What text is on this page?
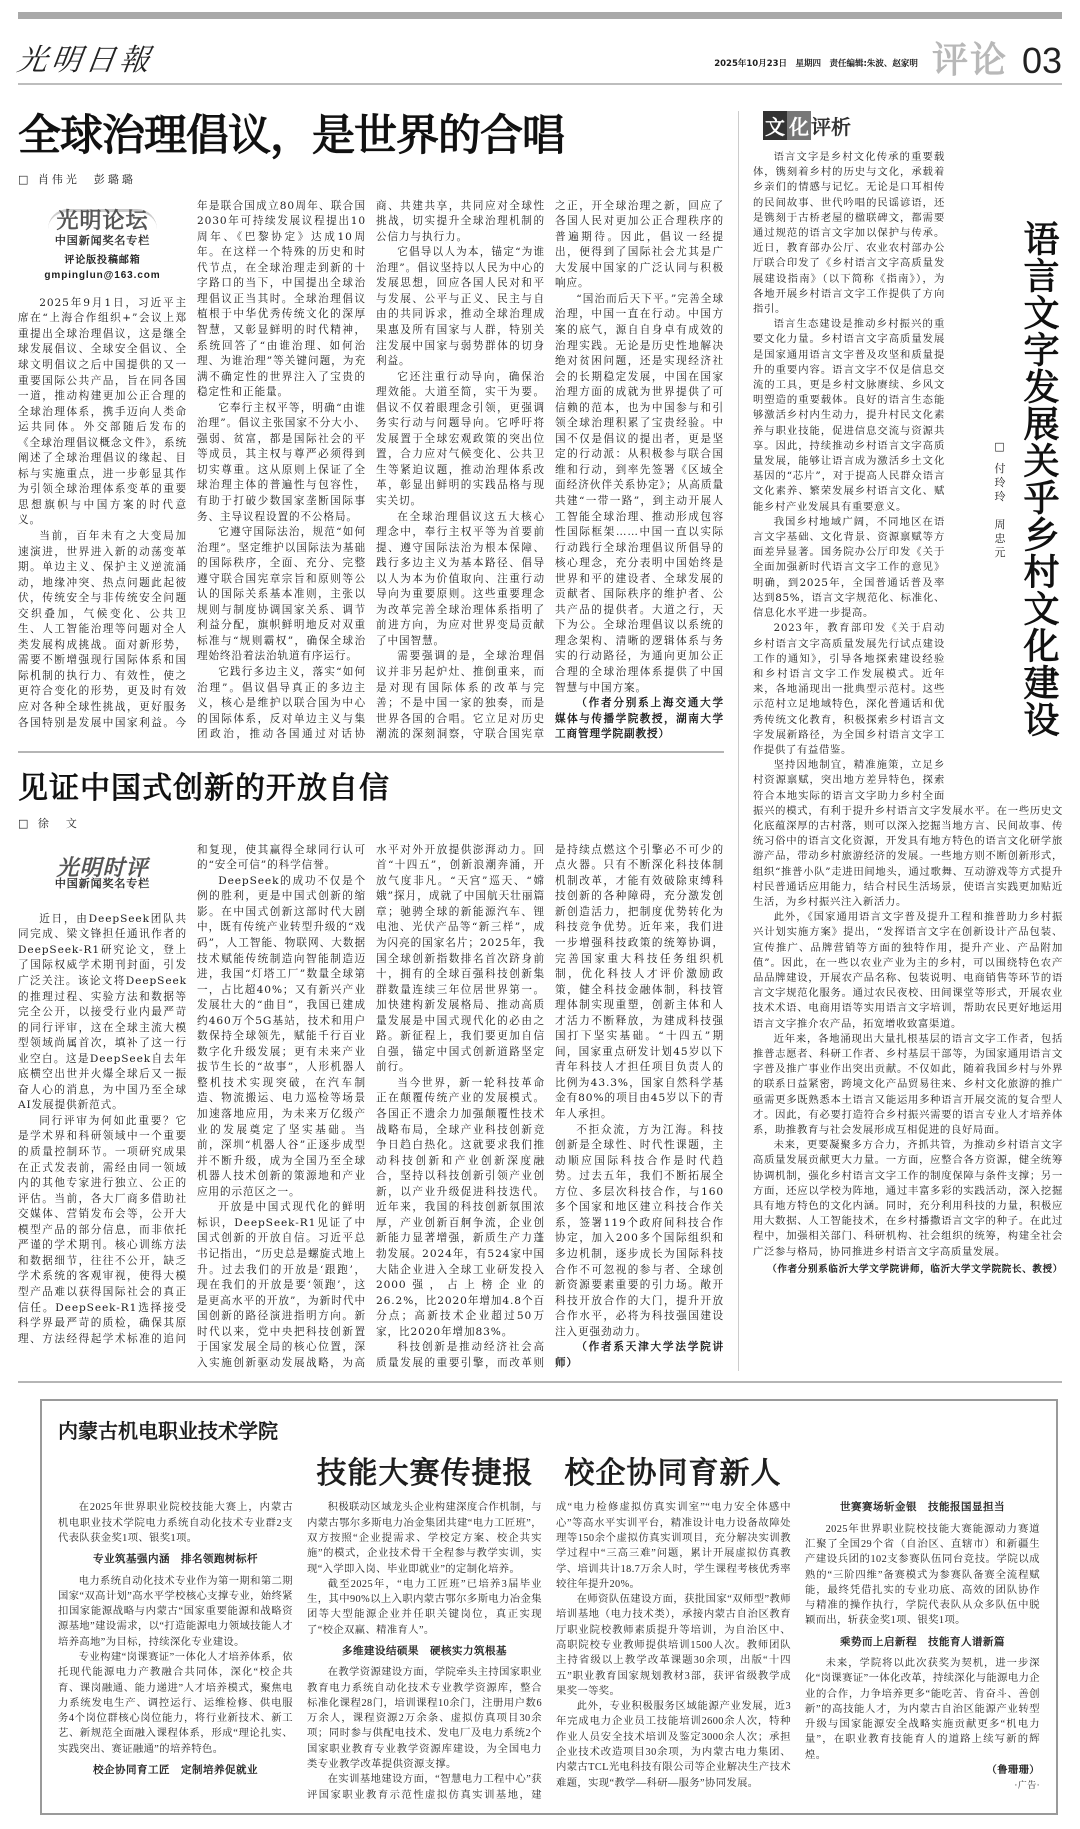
光明日報	2025年10月23日　星期四　责任编辑:朱波、赵家明 评论 03
全球治理倡议，是世界的合唱
□ 肖伟光　彭璐璐
光明论坛
中国新闻奖名专栏
评论版投稿邮箱
gmpinglun@163.com

2025年9月1日，习近平主席在“上海合作组织+”会议上郑重提出全球治理倡议，这是继全球发展倡议、全球安全倡议、全球文明倡议之后中国提供的又一重要国际公共产品，旨在同各国一道，推动构建更加公正合理的全球治理体系，携手迈向人类命运共同体。外交部随后发布的《全球治理倡议概念文件》，系统阐述了全球治理倡议的缘起、目标与实施重点，进一步彰显其作为引领全球治理体系变革的重要思想旗帜与中国方案的时代意义。

当前，百年未有之大变局加速演进，世界进入新的动荡变革期。单边主义、保护主义逆流涌动，地缘冲突、热点问题此起彼伏，传统安全与非传统安全问题交织叠加，气候变化、公共卫生、人工智能治理等问题对全人类发展构成挑战。面对新形势，需要不断增强现行国际体系和国际机制的执行力、有效性，使之更符合变化的形势，更及时有效应对各种全球性挑战，更好服务各国特别是发展中国家利益。今年是联合国成立80周年、联合国2030年可持续发展议程提出10周年、《巴黎协定》达成10周年。在这样一个特殊的历史和时代节点，在全球治理走到新的十字路口的当下，中国提出全球治理倡议正当其时。全球治理倡议植根于中华优秀传统文化的深厚智慧，又彰显鲜明的时代精神，系统回答了“由谁治理、如何治理、为谁治理”等关键问题，为充满不确定性的世界注入了宝贵的稳定性和正能量。

它奉行主权平等，明确“由谁治理”。倡议主张国家不分大小、强弱、贫富，都是国际社会的平等成员，其主权与尊严必须得到切实尊重。这从原则上保证了全球治理主体的普遍性与包容性，有助于打破少数国家垄断国际事务、主导议程设置的不公格局。

它遵守国际法治，规范“如何治理”。坚定维护以国际法为基础的国际秩序，全面、充分、完整遵守联合国宪章宗旨和原则等公认的国际关系基本准则，主张以规则与制度协调国家关系、调节利益分配，旗帜鲜明地反对双重标准与“规则霸权”，确保全球治理始终沿着法治轨道有序运行。

它践行多边主义，落实“如何治理”。倡议倡导真正的多边主义，核心是维护以联合国为中心的国际体系，反对单边主义与集团政治，推动各国通过对话协商、共建共享，共同应对全球性挑战，切实提升全球治理机制的公信力与执行力。

它倡导以人为本，锚定“为谁治理”。倡议坚持以人民为中心的发展思想，回应各国人民对和平与发展、公平与正义、民主与自由的共同诉求，推动全球治理成果惠及所有国家与人群，特别关注发展中国家与弱势群体的切身利益。

它还注重行动导向，确保治理效能。大道至简，实干为要。倡议不仅着眼理念引领，更强调务实行动与问题导向。它呼吁将发展置于全球宏观政策的突出位置，合力应对气候变化、公共卫生等紧迫议题，推动治理体系改革，彰显出鲜明的实践品格与现实关切。

在全球治理倡议这五大核心理念中，奉行主权平等为首要前提、遵守国际法治为根本保障、践行多边主义为基本路径、倡导以人为本为价值取向、注重行动导向为重要原则。这些重要理念为改革完善全球治理体系指明了前进方向，为应对世界变局贡献了中国智慧。

需要强调的是，全球治理倡议并非另起炉灶、推倒重来，而是对现有国际体系的改革与完善；不是中国一家的独奏，而是世界各国的合唱。它立足对历史潮流的深刻洞察，守联合国宪章之正，开全球治理之新，回应了各国人民对更加公正合理秩序的普遍期待。因此，倡议一经提出，便得到了国际社会尤其是广大发展中国家的广泛认同与积极响应。

“国治而后天下平。”完善全球治理，中国一直在行动。中国方案的底气，源自自身卓有成效的治理实践。无论是历史性地解决绝对贫困问题，还是实现经济社会的长期稳定发展，中国在国家治理方面的成就为世界提供了可信赖的范本，也为中国参与和引领全球治理积累了宝贵经验。中国不仅是倡议的提出者，更是坚定的行动派：从积极参与联合国维和行动，到率先签署《区域全面经济伙伴关系协定》；从高质量共建“一带一路”，到主动开展人工智能全球治理、推动形成包容性国际框架……中国一直以实际行动践行全球治理倡议所倡导的核心理念，充分表明中国始终是世界和平的建设者、全球发展的贡献者、国际秩序的维护者、公共产品的提供者。大道之行，天下为公。全球治理倡议以系统的理念架构、清晰的逻辑体系与务实的行动路径，为通向更加公正合理的全球治理体系提供了中国智慧与中国方案。

（作者分别系上海交通大学媒体与传播学院教授，湖南大学工商管理学院副教授）

见证中国式创新的开放自信
□ 徐　文
光明时评
中国新闻奖名专栏

近日，由DeepSeek团队共同完成、梁文锋担任通讯作者的DeepSeek-R1研究论文，登上了国际权威学术期刊封面，引发广泛关注。该论文将DeepSeek的推理过程、实验方法和数据等完全公开，以接受行业内最严苛的同行评审，这在全球主流大模型领域尚属首次，填补了这一行业空白。这是DeepSeek自去年底横空出世并火爆全球后又一振奋人心的消息，为中国乃至全球AI发展提供新范式。

同行评审为何如此重要？它是学术界和科研领域中一个重要的质量控制环节。一项研究成果在正式发表前，需经由同一领域内的其他专家进行独立、公正的评估。当前，各大厂商多借助社交媒体、营销发布会等，公开大模型产品的部分信息，而非依托严谨的学术期刊。核心训练方法和数据细节，往往不公开，缺乏学术系统的客观审视，使得大模型产品难以获得国际社会的真正信任。DeepSeek-R1选择接受科学界最严苛的质检，确保其原理、方法经得起学术标准的追问和复现，使其赢得全球同行认可的“安全可信”的科学信誉。

DeepSeek的成功不仅是个例的胜利，更是中国式创新的缩影。在中国式创新这部时代大剧中，既有传统产业转型升级的“戏码”，人工智能、物联网、大数据技术赋能传统制造向智能制造迈进，我国“灯塔工厂”数量全球第一，占比超40%；又有新兴产业发展壮大的“曲目”，我国已建成约460万个5G基站，技术和用户数保持全球领先，赋能千行百业数字化升级发展；更有未来产业拔节生长的“故事”，人形机器人整机技术实现突破，在汽车制造、物流搬运、电力巡检等场景加速落地应用，为未来万亿级产业的发展奠定了坚实基础。当前，深圳“机器人谷”正逐步成型并不断升级，成为全国乃至全球机器人技术创新的策源地和产业应用的示范区之一。

开放是中国式现代化的鲜明标识，DeepSeek-R1见证了中国式创新的开放自信。习近平总书记指出，“历史总是螺旋式地上升。过去我们的开放是‘跟跑’，现在我们的开放是要‘领跑’，这是更高水平的开放”，为新时代中国创新的路径演进指明方向。新时代以来，党中央把科技创新置于国家发展全局的核心位置，深入实施创新驱动发展战略，为高水平对外开放提供澎湃动力。回首“十四五”，创新浪潮奔涌，开放气度非凡。“天宫”巡天、“嫦娥”探月，成就了中国航天壮丽篇章；驰骋全球的新能源汽车、锂电池、光伏产品等“新三样”，成为闪亮的国家名片；2025年，我国全球创新指数排名首次跻身前十，拥有的全球百强科技创新集群数量连续三年位居世界第一。加快建构新发展格局、推动高质量发展是中国式现代化的必由之路。新征程上，我们要更加自信自强，锚定中国式创新道路坚定前行。

当今世界，新一轮科技革命正在颠覆传统产业的发展模式。各国正不遗余力加强颠覆性技术战略布局，全球产业科技创新竞争日趋白热化。这就要求我们推动科技创新和产业创新深度融合，坚持以科技创新引领产业创新，以产业升级促进科技迭代。近年来，我国的科技创新氛围浓厚，产业创新百舸争流，企业创新能力显著增强，新质生产力蓬勃发展。2024年，有524家中国大陆企业进入全球工业研发投入2000强，占上榜企业的26.2%，比2020年增加4.8个百分点；高新技术企业超过50万家，比2020年增加83%。

科技创新是推动经济社会高质量发展的重要引擎，而改革则是持续点燃这个引擎必不可少的点火器。只有不断深化科技体制机制改革，才能有效破除束缚科技创新的各种障碍，充分激发创新创造活力，把制度优势转化为科技竞争优势。近年来，我们进一步增强科技政策的统筹协调，完善国家重大科技任务组织机制，优化科技人才评价激励政策，健全科技金融体制，科技管理体制实现重塑，创新主体和人才活力不断释放，为建成科技强国打下坚实基础。“十四五”期间，国家重点研发计划45岁以下青年科技人才担任项目负责人的比例为43.3%，国家自然科学基金有80%的项目由45岁以下的青年人承担。

不拒众流，方为江海。科技创新是全球性、时代性课题，主动顺应国际科技合作是时代趋势。过去五年，我们不断拓展全方位、多层次科技合作，与160多个国家和地区建立科技合作关系，签署119个政府间科技合作协定，加入200多个国际组织和多边机制，逐步成长为国际科技合作不可忽视的参与者、全球创新资源要素重要的引力场。敞开科技开放合作的大门，提升开放合作水平，必将为科技强国建设注入更强劲动力。

（作者系天津大学法学院讲师）

文 化 评析
语言文字发展关乎乡村文化建设
□ 付玲玲　周忠元

语言文字是乡村文化传承的重要载体，镌刻着乡村的历史与文化，承载着乡亲们的情感与记忆。无论是口耳相传的民间故事、世代吟唱的民谣谚语，还是镌刻于古桥老屋的楹联碑文，都需要通过规范的语言文字加以保护与传承。近日，教育部办公厅、农业农村部办公厅联合印发了《乡村语言文字高质量发展建设指南》（以下简称《指南》），为各地开展乡村语言文字工作提供了方向指引。

语言生态建设是推动乡村振兴的重要文化力量。乡村语言文字高质量发展是国家通用语言文字普及攻坚和质量提升的重要内容。语言文字不仅是信息交流的工具，更是乡村文脉赓续、乡风文明塑造的重要载体。良好的语言生态能够激活乡村内生动力，提升村民文化素养与职业技能，促进信息交流与资源共享。因此，持续推动乡村语言文字高质量发展，能够让语言成为激活乡土文化基因的“芯片”，对于提高人民群众语言文化素养、繁荣发展乡村语言文化、赋能乡村产业发展具有重要意义。

我国乡村地域广阔，不同地区在语言文字基础、文化背景、资源禀赋等方面差异显著。国务院办公厅印发《关于全面加强新时代语言文字工作的意见》明确，到2025年，全国普通话普及率达到85%，语言文字规范化、标准化、信息化水平进一步提高。

2023年，教育部印发《关于启动乡村语言文字高质量发展先行试点建设工作的通知》，引导各地探索建设经验和乡村语言文字工作发展模式。近年来，各地涌现出一批典型示范村。这些示范村立足地域特色，深化普通话和优秀传统文化教育，积极探索乡村语言文字发展新路径，为全国乡村语言文字工作提供了有益借鉴。

坚持因地制宜，精准施策，立足乡村资源禀赋，突出地方差异特色，探索符合本地实际的语言文字助力乡村全面振兴的模式，有利于提升乡村语言文字发展水平。在一些历史文化底蕴深厚的古村落，则可以深入挖掘当地方言、民间故事、传统习俗中的语言文化资源，开发具有地方特色的语言文化研学旅游产品，带动乡村旅游经济的发展。一些地方则不断创新形式，组织“推普小队”走进田间地头，通过歌舞、互动游戏等方式提升村民普通话应用能力，结合村民生活场景，使语言实践更加贴近生活，为乡村振兴注入新活力。

此外，《国家通用语言文字普及提升工程和推普助力乡村振兴计划实施方案》提出，“发挥语言文字在创新设计产品包装、宣传推广、品牌营销等方面的独特作用，提升产业、产品附加值”。因此，在一些以农业产业为主的乡村，可以围绕特色农产品品牌建设，开展农产品名称、包装说明、电商销售等环节的语言文字规范化服务。通过农民夜校、田间课堂等形式，开展农业技术术语、电商用语等实用语言文字培训，帮助农民更好地运用语言文字推介农产品，拓宽增收致富渠道。

近年来，各地涌现出大量扎根基层的语言文字工作者，包括推普志愿者、科研工作者、乡村基层干部等，为国家通用语言文字普及推广事业作出突出贡献。不仅如此，随着我国乡村与外界的联系日益紧密，跨境文化产品贸易往来、乡村文化旅游的推广亟需更多既熟悉本土语言又能运用多种语言开展交流的复合型人才。因此，有必要打造符合乡村振兴需要的语言专业人才培养体系，助推教育与社会发展形成互相促进的良好局面。

未来，更要凝聚多方合力，齐抓共管，为推动乡村语言文字高质量发展贡献更大力量。一方面，应整合各方资源，健全统筹协调机制，强化乡村语言文字工作的制度保障与条件支撑；另一方面，还应以学校为阵地，通过丰富多彩的实践活动，深入挖掘具有地方特色的文化内涵。同时，充分利用科技的力量，积极应用大数据、人工智能技术，在乡村播撒语言文字的种子。在此过程中，加强相关部门、科研机构、社会组织的统筹，构建全社会广泛参与格局，协同推进乡村语言文字高质量发展。

（作者分别系临沂大学文学院讲师，临沂大学文学院院长、教授）
内蒙古机电职业技术学院
技能大赛传捷报　校企协同育新人

在2025年世界职业院校技能大赛上，内蒙古机电职业技术学院电力系统自动化技术专业群2支代表队获金奖1项、银奖1项。

专业筑基强内涵　排名领跑树标杆

电力系统自动化技术专业作为第一期和第二期国家“双高计划”高水平学校核心支撑专业，始终紧扣国家能源战略与内蒙古“国家重要能源和战略资源基地”建设需求，以“打造能源电力领域技能人才培养高地”为目标，持续深化专业建设。

专业构建“岗课赛证”一体化人才培养体系，依托现代能源电力产教融合共同体，深化“校企共育、课岗融通、能力递进”人才培养模式，聚焦电力系统发电生产、调控运行、运维检修、供电服务4个岗位群核心岗位能力，将行业新技术、新工艺、新规范全面融入课程体系，形成“理论扎实、实践突出、赛证融通”的培养特色。

校企协同育工匠　定制培养促就业

积极联动区域龙头企业构建深度合作机制，与内蒙古鄂尔多斯电力冶金集团共建“电力工匠班”，双方按照“企业提需求、学校定方案、校企共实施”的模式，企业技术骨干全程参与教学实训，实现“入学即入岗、毕业即就业”的定制化培养。

截至2025年，“电力工匠班”已培养3届毕业生，其中90%以上入职内蒙古鄂尔多斯电力冶金集团等大型能源企业并任职关键岗位，真正实现了“校企双赢、精准育人”。

多维建设结硕果　硬核实力筑根基

在教学资源建设方面，学院牵头主持国家职业教育电力系统自动化技术专业教学资源库，整合标准化课程28门，培训课程10余门，注册用户数6万余人，课程资源2万余条、虚拟仿真项目30余项；同时参与供配电技术、发电厂及电力系统2个国家职业教育专业教学资源库建设，为全国电力类专业教学改革提供资源支撑。

在实训基地建设方面，“智慧电力工程中心”获评国家职业教育示范性虚拟仿真实训基地，建成“电力检修虚拟仿真实训室”“电力安全体感中心”等高水平实训平台，精准设计电力设备故障处理等150余个虚拟仿真实训项目，充分解决实训教学过程中“三高三难”问题，累计开展虚拟仿真教学、培训共计18.7万余人时，学生课程考核优秀率较往年提升20%。

在师资队伍建设方面，获批国家“双师型”教师培训基地（电力技术类），承接内蒙古自治区教育厅职业院校教师素质提升等培训，为自治区中、高职院校专业教师提供培训1500人次。教师团队主持省级以上教学改革课题30余项，出版“十四五”职业教育国家规划教材3部，获评省级教学成果奖一等奖。

此外，专业积极服务区域能源产业发展，近3年完成电力企业员工技能培训2600余人次，特种作业人员安全技术培训及鉴定3000余人次；承担企业技术改造项目30余项，为内蒙古电力集团、内蒙古TCL光电科技有限公司等企业解决生产技术难题，实现“教学—科研—服务”协同发展。

世赛赛场斩金银　技能报国显担当

2025年世界职业院校技能大赛能源动力赛道汇聚了全国29个省（自治区、直辖市）和新疆生产建设兵团的102支参赛队伍同台竞技。学院以成熟的“三阶四维”备赛模式为参赛队备赛全流程赋能，最终凭借扎实的专业功底、高效的团队协作与精准的操作执行，学院代表队从众多队伍中脱颖而出，斩获金奖1项、银奖1项。

乘势而上启新程　技能育人谱新篇

未来，学院将以此次获奖为契机，进一步深化“岗课赛证”一体化改革，持续深化与能源电力企业的合作，力争培养更多“能吃苦、肯奋斗、善创新”的高技能人才，为内蒙古自治区能源产业转型升级与国家能源安全战略实施贡献更多“机电力量”，在职业教育技能育人的道路上续写新的辉煌。

（鲁珊珊）

·广告·
